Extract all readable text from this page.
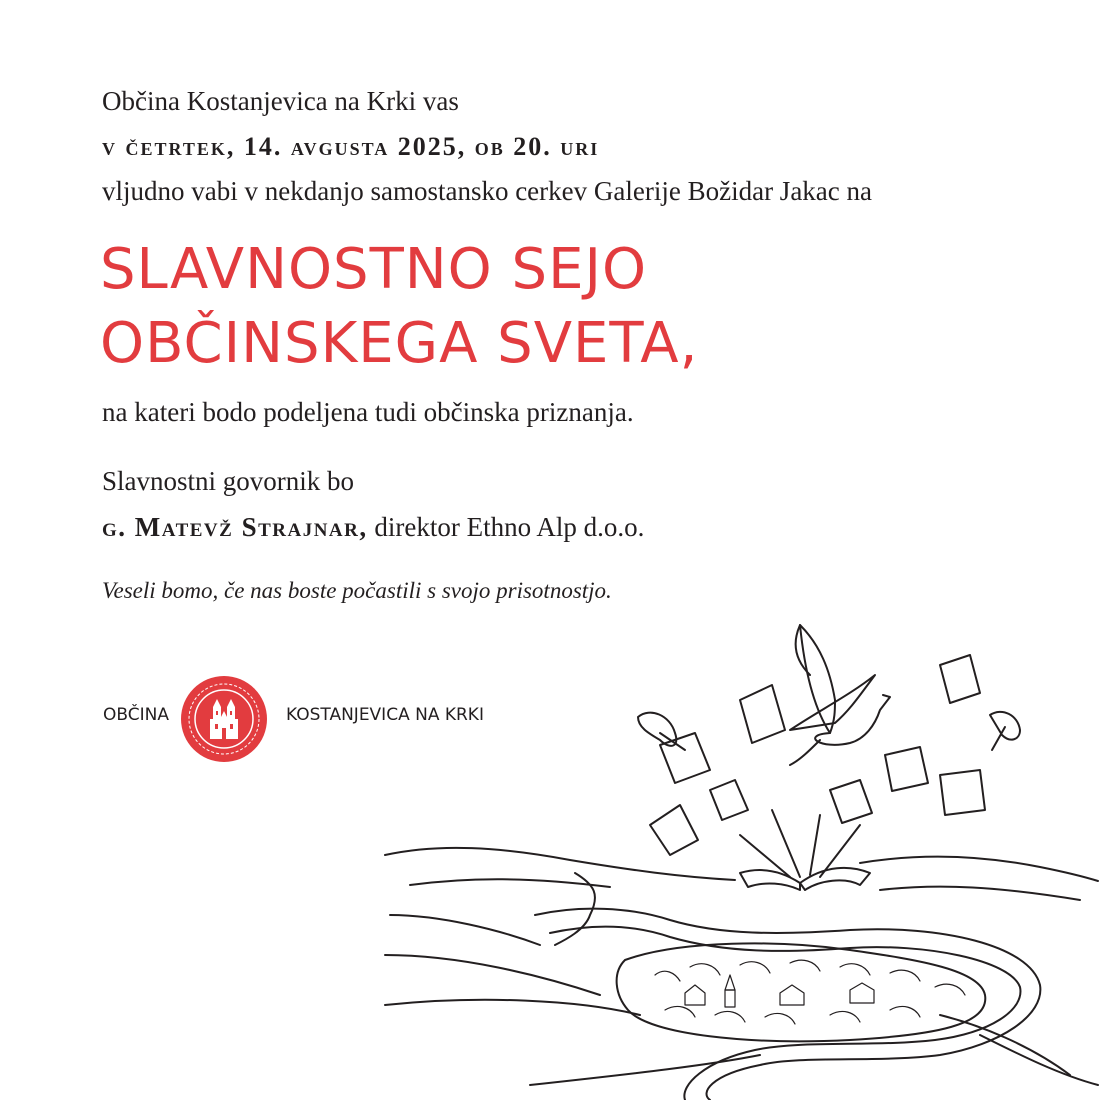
Občina Kostanjevica na Krki vas
v četrtek, 14. avgusta 2025, ob 20. uri
vljudno vabi v nekdanjo samostansko cerkev Galerije Božidar Jakac na
SLAVNOSTNO SEJO
OBČINSKEGA SVETA,
na kateri bodo podeljena tudi občinska priznanja.
Slavnostni govornik bo
g. Matevž Strajnar, direktor Ethno Alp d.o.o.
Veseli bomo, če nas boste počastili s svojo prisotnostjo.
OBČINA	KOSTANJEVICA NA KRKI
